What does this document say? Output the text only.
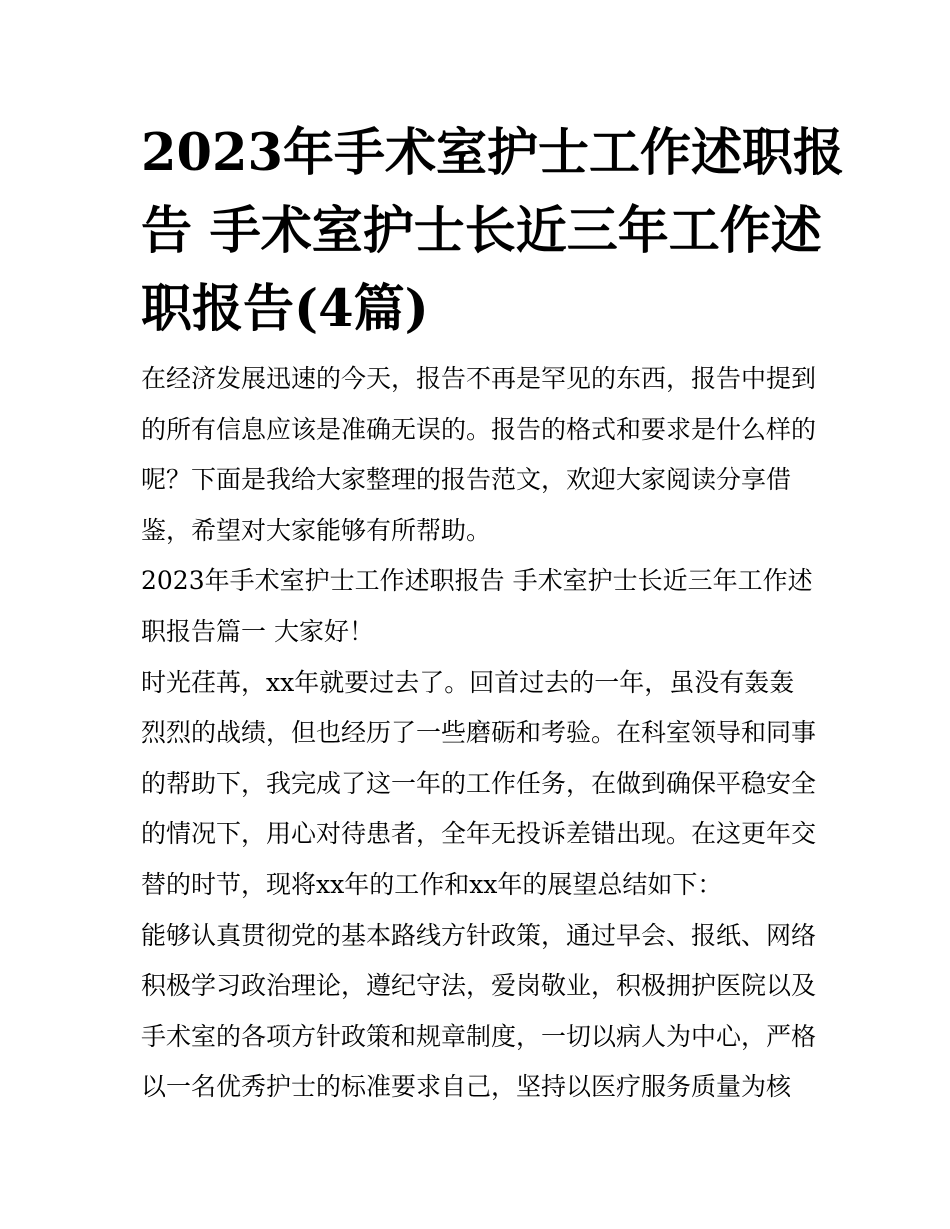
2023年手术室护士工作述职报
告 手术室护士长近三年工作述
职报告(4篇)
在经济发展迅速的今天，报告不再是罕见的东西，报告中提到
的所有信息应该是准确无误的。报告的格式和要求是什么样的
呢？下面是我给大家整理的报告范文，欢迎大家阅读分享借
鉴，希望对大家能够有所帮助。
2023年手术室护士工作述职报告 手术室护士长近三年工作述
职报告篇一 大家好！
时光荏苒，xx年就要过去了。回首过去的一年，虽没有轰轰
烈烈的战绩，但也经历了一些磨砺和考验。在科室领导和同事
的帮助下，我完成了这一年的工作任务，在做到确保平稳安全
的情况下，用心对待患者，全年无投诉差错出现。在这更年交
替的时节，现将xx年的工作和xx年的展望总结如下：
能够认真贯彻党的基本路线方针政策，通过早会、报纸、网络
积极学习政治理论，遵纪守法，爱岗敬业，积极拥护医院以及
手术室的各项方针政策和规章制度，一切以病人为中心，严格
以一名优秀护士的标准要求自己，坚持以医疗服务质量为核
